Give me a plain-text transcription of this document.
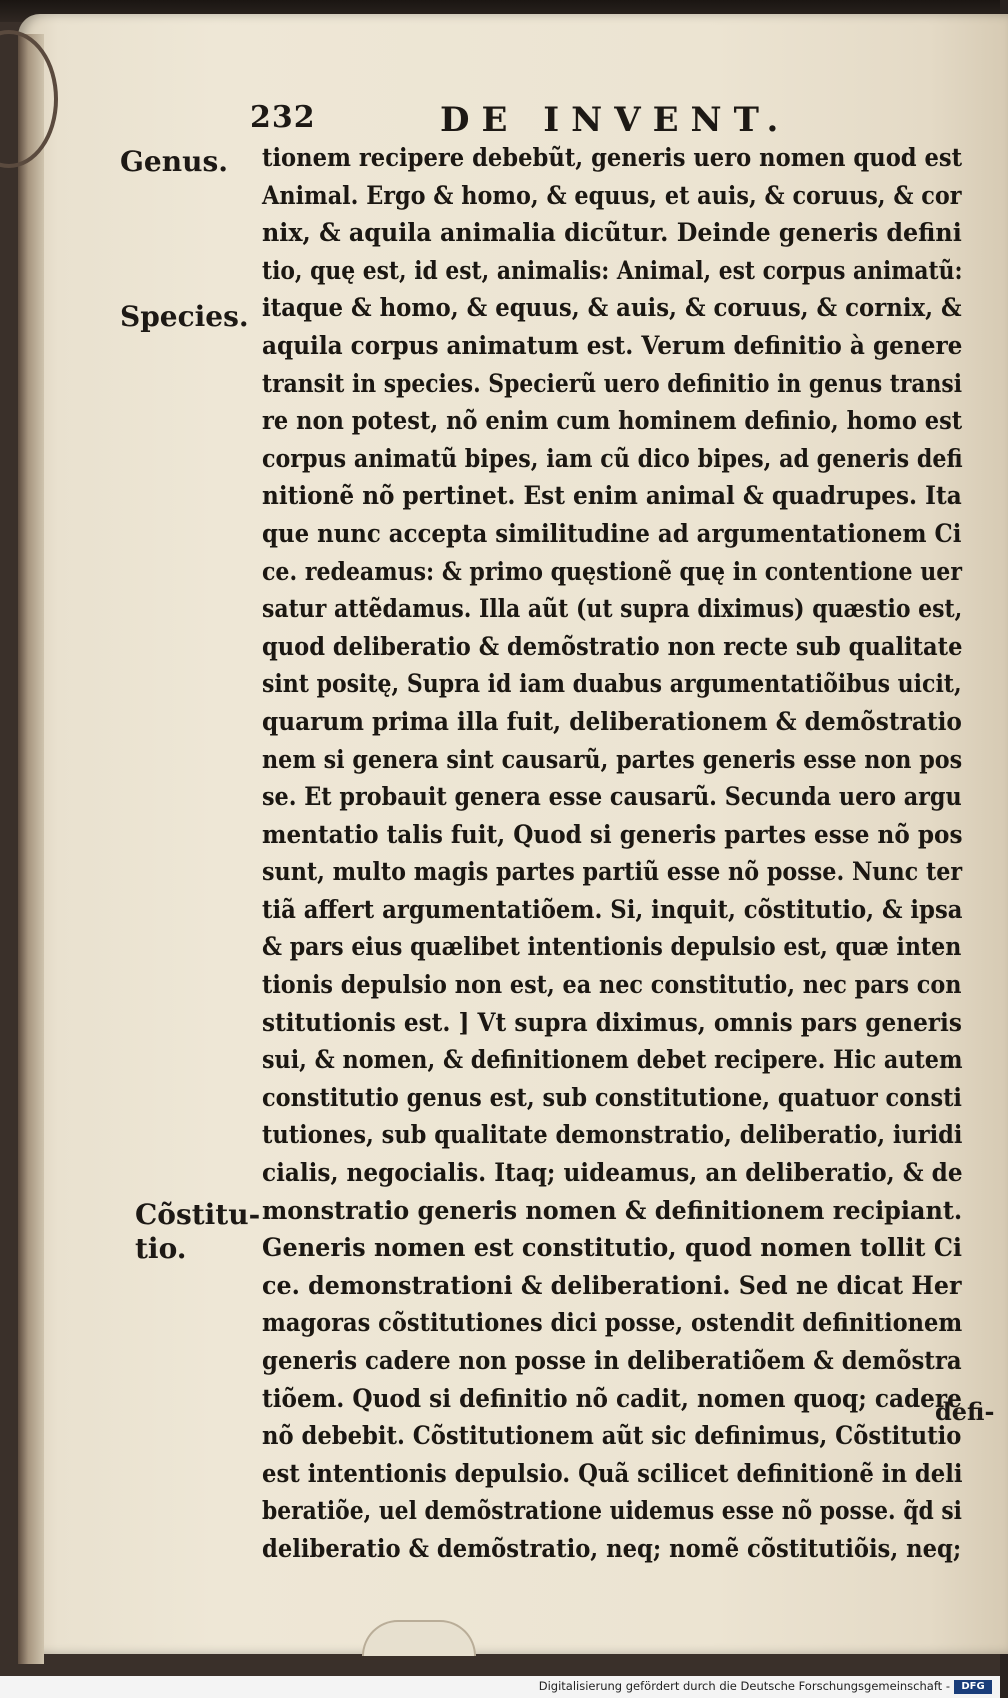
232	DE INVENT.
Genus.
Species.
Cõstitu-
tio.
tionem recipere debebũt, generis uero nomen quod est
Animal. Ergo & homo, & equus, et auis, & coruus, & cor
nix, & aquila animalia dicũtur. Deinde generis defini
tio, quę est, id est, animalis: Animal, est corpus animatũ:
itaque & homo, & equus, & auis, & coruus, & cornix, &
aquila corpus animatum est. Verum definitio à genere
transit in species. Specierũ uero definitio in genus transi
re non potest, nõ enim cum hominem definio, homo est
corpus animatũ bipes, iam cũ dico bipes, ad generis defi
nitionẽ nõ pertinet. Est enim animal & quadrupes. Ita
que nunc accepta similitudine ad argumentationem Ci
ce. redeamus: & primo quęstionẽ quę in contentione uer
satur attẽdamus. Illa aũt (ut supra diximus) quæstio est,
quod deliberatio & demõstratio non recte sub qualitate
sint positę, Supra id iam duabus argumentatiõibus uicit,
quarum prima illa fuit, deliberationem & demõstratio
nem si genera sint causarũ, partes generis esse non pos
se. Et probauit genera esse causarũ. Secunda uero argu
mentatio talis fuit, Quod si generis partes esse nõ pos
sunt, multo magis partes partiũ esse nõ posse. Nunc ter
tiã affert argumentatiõem. Si, inquit, cõstitutio, & ipsa
& pars eius quælibet intentionis depulsio est, quæ inten
tionis depulsio non est, ea nec constitutio, nec pars con
stitutionis est. ] Vt supra diximus, omnis pars generis
sui, & nomen, & definitionem debet recipere. Hic autem
constitutio genus est, sub constitutione, quatuor consti
tutiones, sub qualitate demonstratio, deliberatio, iuridi
cialis, negocialis. Itaq; uideamus, an deliberatio, & de
monstratio generis nomen & definitionem recipiant.
Generis nomen est constitutio, quod nomen tollit Ci
ce. demonstrationi & deliberationi. Sed ne dicat Her
magoras cõstitutiones dici posse, ostendit definitionem
generis cadere non posse in deliberatiõem & demõstra
tiõem. Quod si definitio nõ cadit, nomen quoq; cadere
nõ debebit. Cõstitutionem aũt sic definimus, Cõstitutio
est intentionis depulsio. Quã scilicet definitionẽ in deli
beratiõe, uel demõstratione uidemus esse nõ posse. q̃d si
deliberatio & demõstratio, neq; nomẽ cõstitutiõis, neq;
defi-
Digitalisierung gefördert durch die Deutsche Forschungsgemeinschaft -	DFG
